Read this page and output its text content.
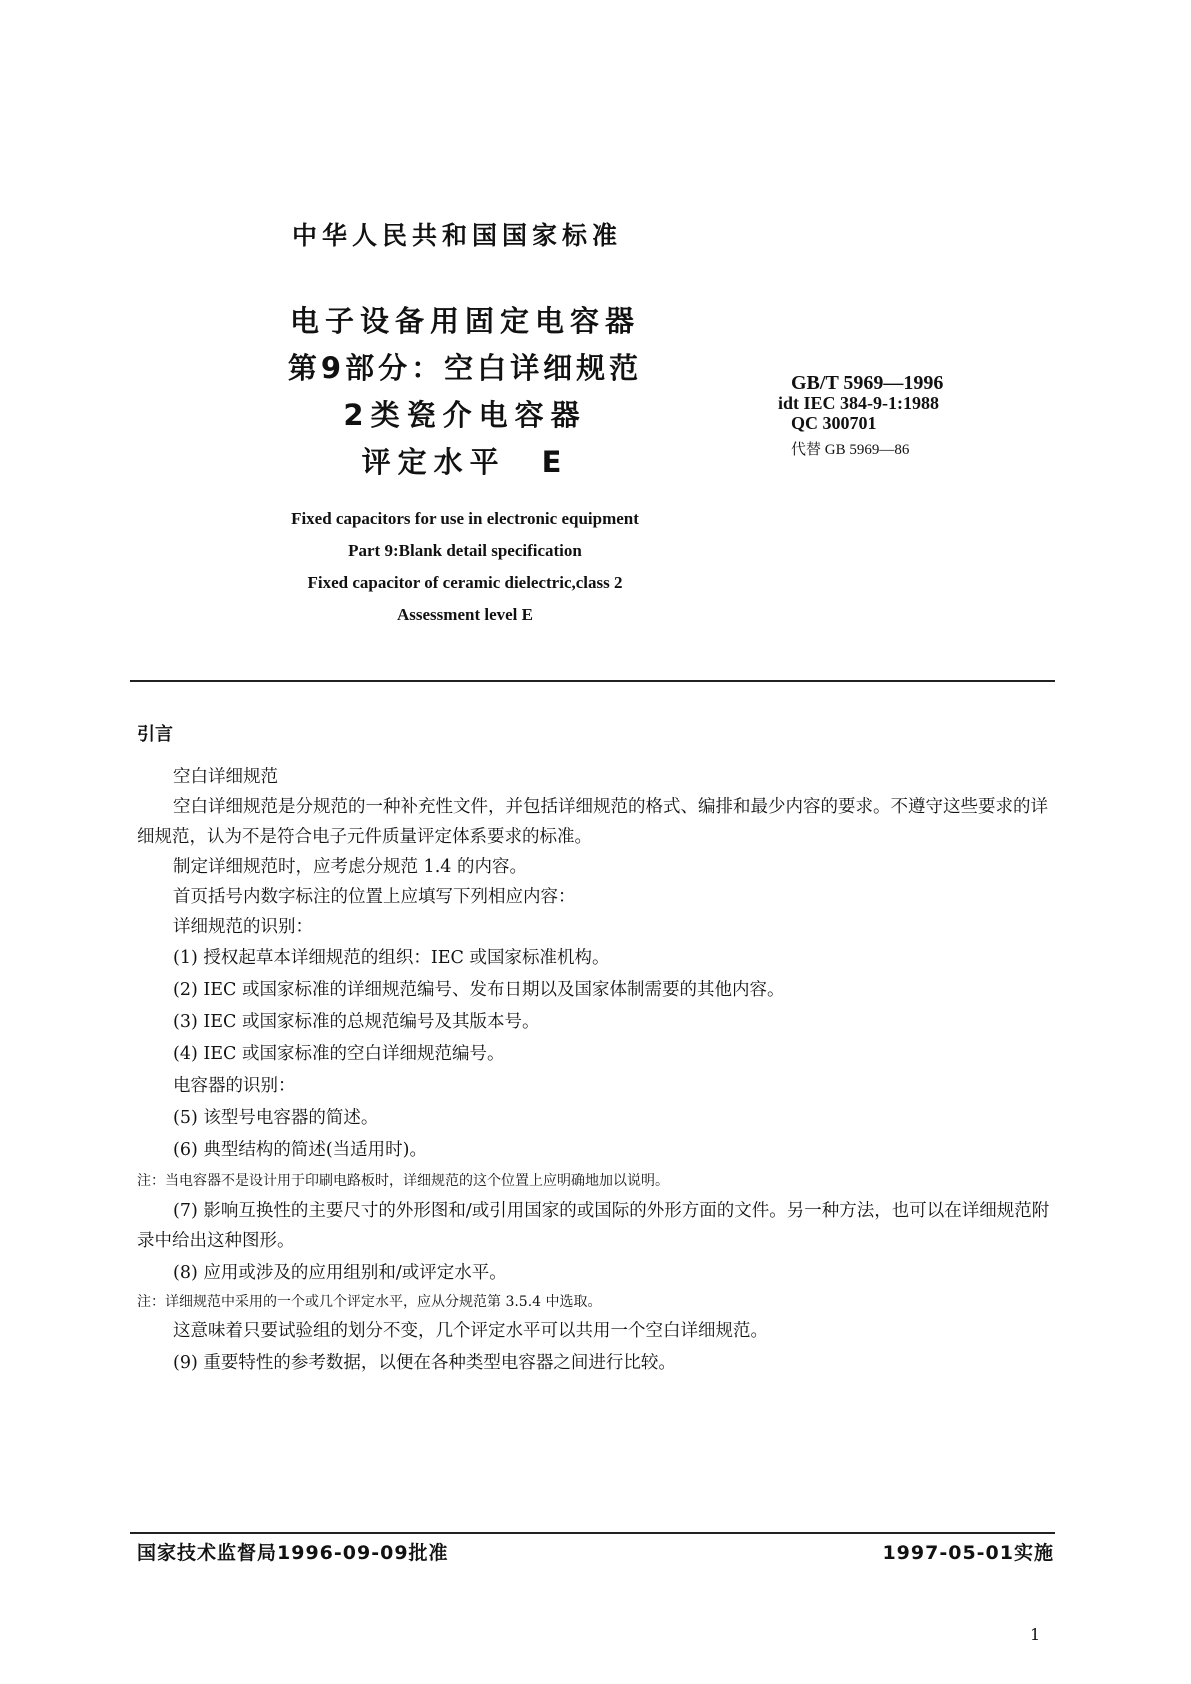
中华人民共和国国家标准
电子设备用固定电容器
第9部分：空白详细规范
2类瓷介电容器
评定水平　E
GB/T 5969—1996
idt IEC 384-9-1:1988
QC 300701
代替 GB 5969—86
Fixed capacitors for use in electronic equipment
Part 9:Blank detail specification
Fixed capacitor of ceramic dielectric,class 2
Assessment level E
引言
空白详细规范
空白详细规范是分规范的一种补充性文件，并包括详细规范的格式、编排和最少内容的要求。不遵守这些要求的详细规范，认为不是符合电子元件质量评定体系要求的标准。
制定详细规范时，应考虑分规范 1.4 的内容。
首页括号内数字标注的位置上应填写下列相应内容：
详细规范的识别：
(1) 授权起草本详细规范的组织：IEC 或国家标准机构。
(2) IEC 或国家标准的详细规范编号、发布日期以及国家体制需要的其他内容。
(3) IEC 或国家标准的总规范编号及其版本号。
(4) IEC 或国家标准的空白详细规范编号。
电容器的识别：
(5) 该型号电容器的简述。
(6) 典型结构的简述(当适用时)。
注：当电容器不是设计用于印刷电路板时，详细规范的这个位置上应明确地加以说明。
(7) 影响互换性的主要尺寸的外形图和/或引用国家的或国际的外形方面的文件。另一种方法，也可以在详细规范附录中给出这种图形。
(8) 应用或涉及的应用组别和/或评定水平。
注：详细规范中采用的一个或几个评定水平，应从分规范第 3.5.4 中选取。
这意味着只要试验组的划分不变，几个评定水平可以共用一个空白详细规范。
(9) 重要特性的参考数据，以便在各种类型电容器之间进行比较。
国家技术监督局1996-09-09批准	1997-05-01实施
1
